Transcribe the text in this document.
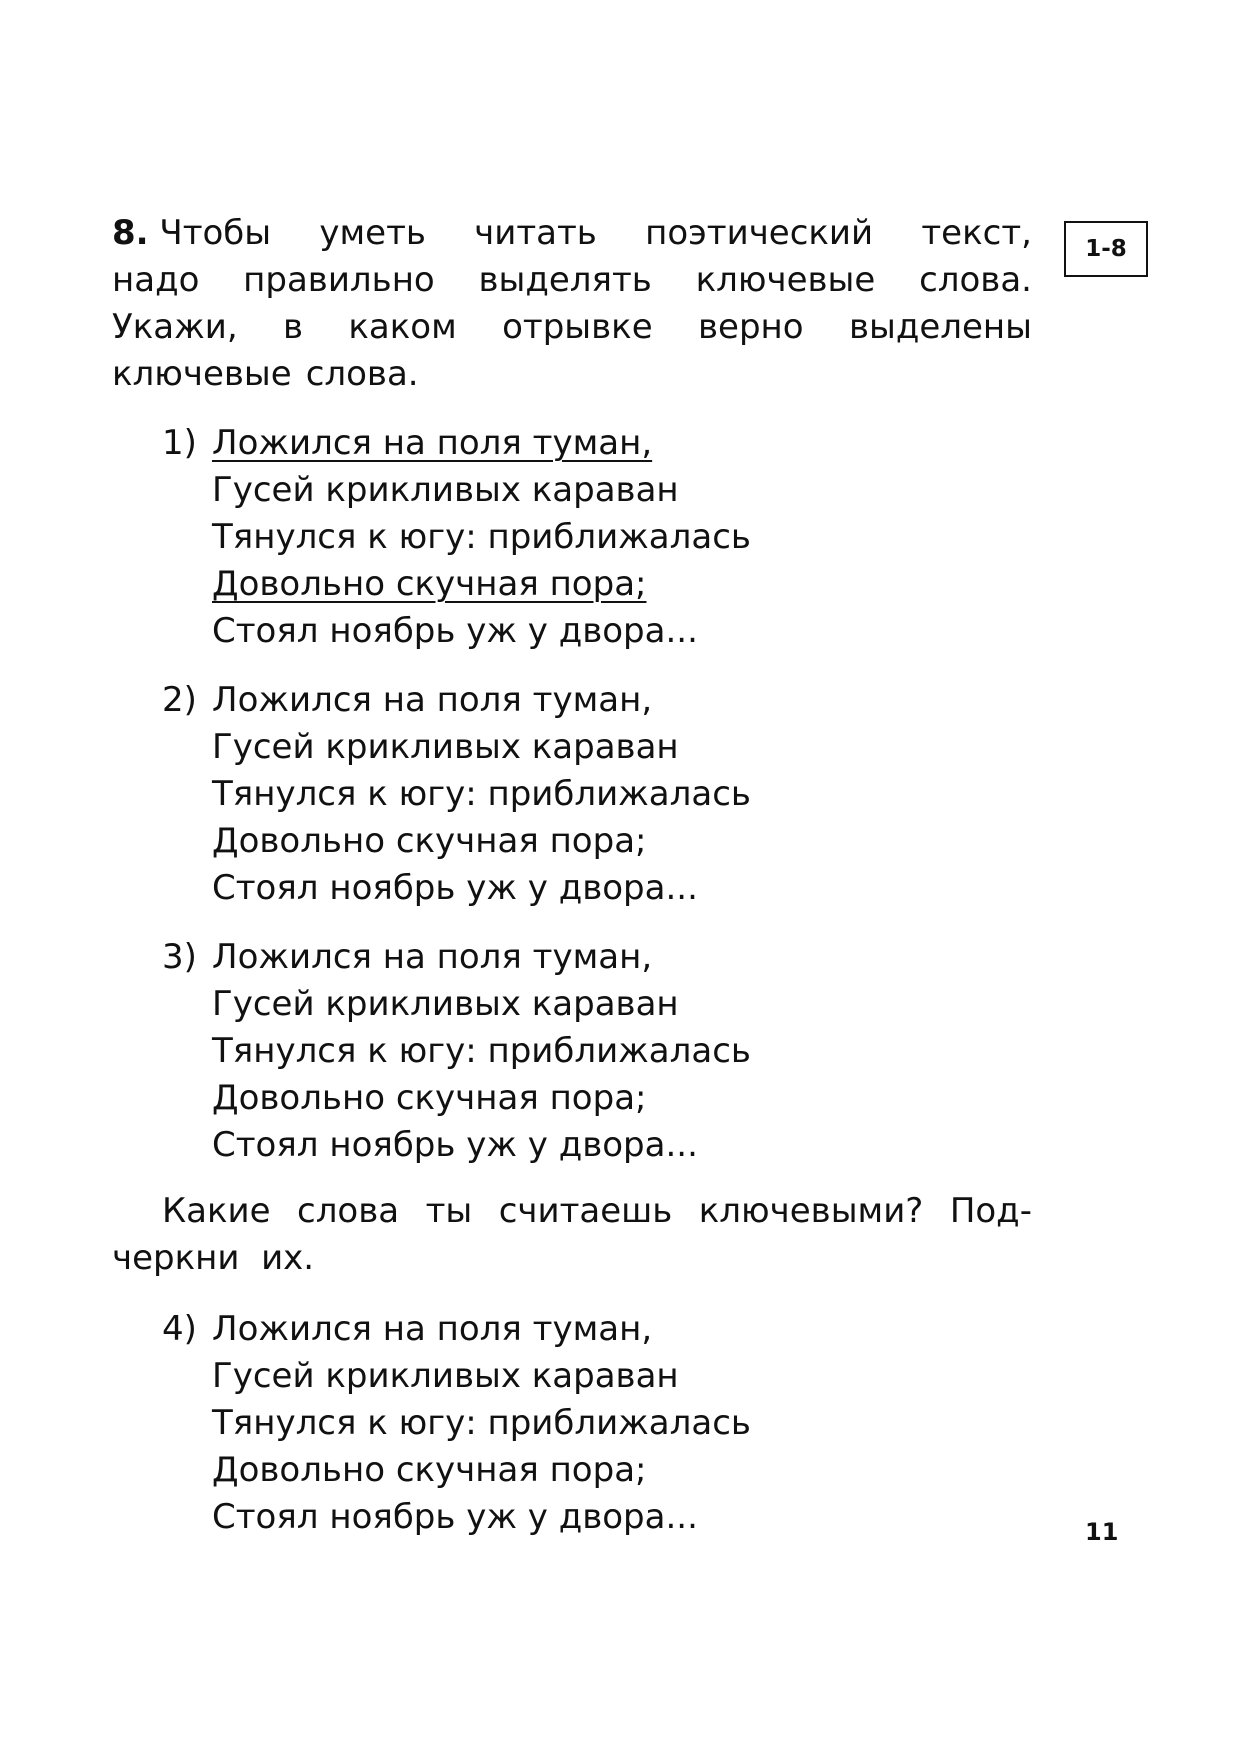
1-8
8. Чтобы уметь читать поэтический текст,
надо правильно выделять ключевые слова.
Укажи, в каком отрывке верно выделены
ключевые слова.
1) Ложился на поля туман,
Гусей крикливых караван
Тянулся к югу: приближалась
Довольно скучная пора;
Стоял ноябрь уж у двора...
2) Ложился на поля туман,
Гусей крикливых караван
Тянулся к югу: приближалась
Довольно скучная пора;
Стоял ноябрь уж у двора...
3) Ложился на поля туман,
Гусей крикливых караван
Тянулся к югу: приближалась
Довольно скучная пора;
Стоял ноябрь уж у двора...
Какие слова ты считаешь ключевыми? Под-
черкни  их.
4) Ложился на поля туман,
Гусей крикливых караван
Тянулся к югу: приближалась
Довольно скучная пора;
Стоял ноябрь уж у двора...	11
